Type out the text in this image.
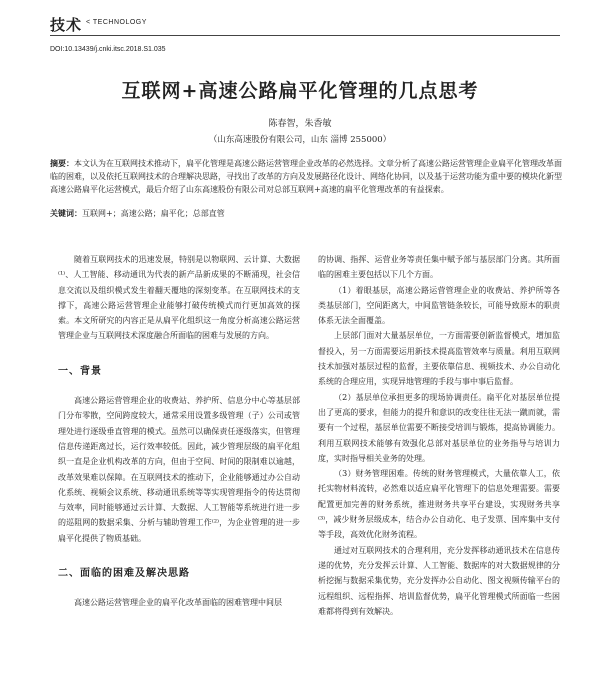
技术 < TECHNOLOGY
DOI:10.13439/j.cnki.itsc.2018.S1.035
互联网+高速公路扁平化管理的几点思考
陈春智，朱香敏
（山东高速股份有限公司，山东 淄博 255000）
摘要：本文认为在互联网技术推动下，扁平化管理是高速公路运营管理企业改革的必然选择。文章分析了高速公路运营管理企业扁平化管理改革面临的困难，以及依托互联网技术的合理解决思路，寻找出了改革的方向及发展路径化设计、网络化协同，以及基于运营功能为重中要的模块化新型高速公路扁平化运营模式，最后介绍了山东高速股份有限公司对总部互联网+高速的扁平化管理改革的有益探索。
关键词：互联网+；高速公路；扁平化；总部直管

随着互联网技术的迅速发展，特别是以物联网、云计算、大数据⁽¹⁾、人工智能、移动通讯为代表的新产品新成果的不断涌现，社会信息交流以及组织模式发生着翻天覆地的深刻变革。在互联网技术的支撑下，高速公路运营管理企业能够打破传统模式而行更加高效的探索。本文所研究的内容正是从扁平化组织这一角度分析高速公路运营管理企业与互联网技术深度融合所面临的困难与发展的方向。

一、背景

高速公路运营管理企业的收费站、养护所、信息分中心等基层部门分布零散，空间跨度较大，通常采用设置多级管理（子）公司或管理处进行逐级垂直管理的模式。虽然可以确保责任逐级落实，但管理信息传递距离过长，运行效率较低。因此，减少管理层级的扁平化组织一直是企业机构改革的方向，但由于空间、时间的限制难以逾越，改革效果难以保障。在互联网技术的推动下，企业能够通过办公自动化系统、视频会议系统、移动通讯系统等等实现管理指令的传达贯彻与效率，同时能够通过云计算、大数据、人工智能等系统进行进一步的巡阻网的数据采集、分析与辅助管理工作⁽²⁾，为企业管理的进一步扁平化提供了物质基础。

二、面临的困难及解决思路

高速公路运营管理企业的扁平化改革面临的困难管理中间层

的协调、指挥、运营业务等责任集中赋予部与基层部门分离。其所面临的困难主要包括以下几个方面。

（1）着眼基层，高速公路运营管理企业的收费站、养护所等各类基层部门，空间距离大，中间监管链条较长，可能导致原本的职责体系无法全面覆盖。

上层部门面对大量基层单位，一方面需要创新监督模式，增加监督投入，另一方面需要运用新技术提高监管效率与质量。利用互联网技术加强对基层过程的监督，主要依靠信息、视频技术、办公自动化系统的合理应用，实现异地管理的手段与事中事后监督。

（2）基层单位承担更多的现场协调责任。扁平化对基层单位提出了更高的要求，但能力的提升和意识的改变往往无法一蹴而就，需要有一个过程，基层单位需要不断接受培训与锻炼，提高协调能力。利用互联网技术能够有效强化总部对基层单位的业务指导与培训力度，实时指导相关业务的处理。

（3）财务管理困难。传统的财务管理模式，大量依靠人工，依托实物材料流转，必然难以适应扁平化管理下的信息处理需要。需要配置更加完善的财务系统，推进财务共享平台建设，实现财务共享⁽³⁾，减少财务层级成本，结合办公自动化、电子发票、国库集中支付等手段，高效优化财务流程。

通过对互联网技术的合理利用，充分发挥移动通讯技术在信息传递的优势，充分发挥云计算、人工智能、数据库的对大数据规律的分析挖掘与数据采集优势，充分发挥办公自动化、图文视频传输平台的远程组织、远程指挥、培训监督优势，扁平化管理模式所面临一些困难都将得到有效解决。
